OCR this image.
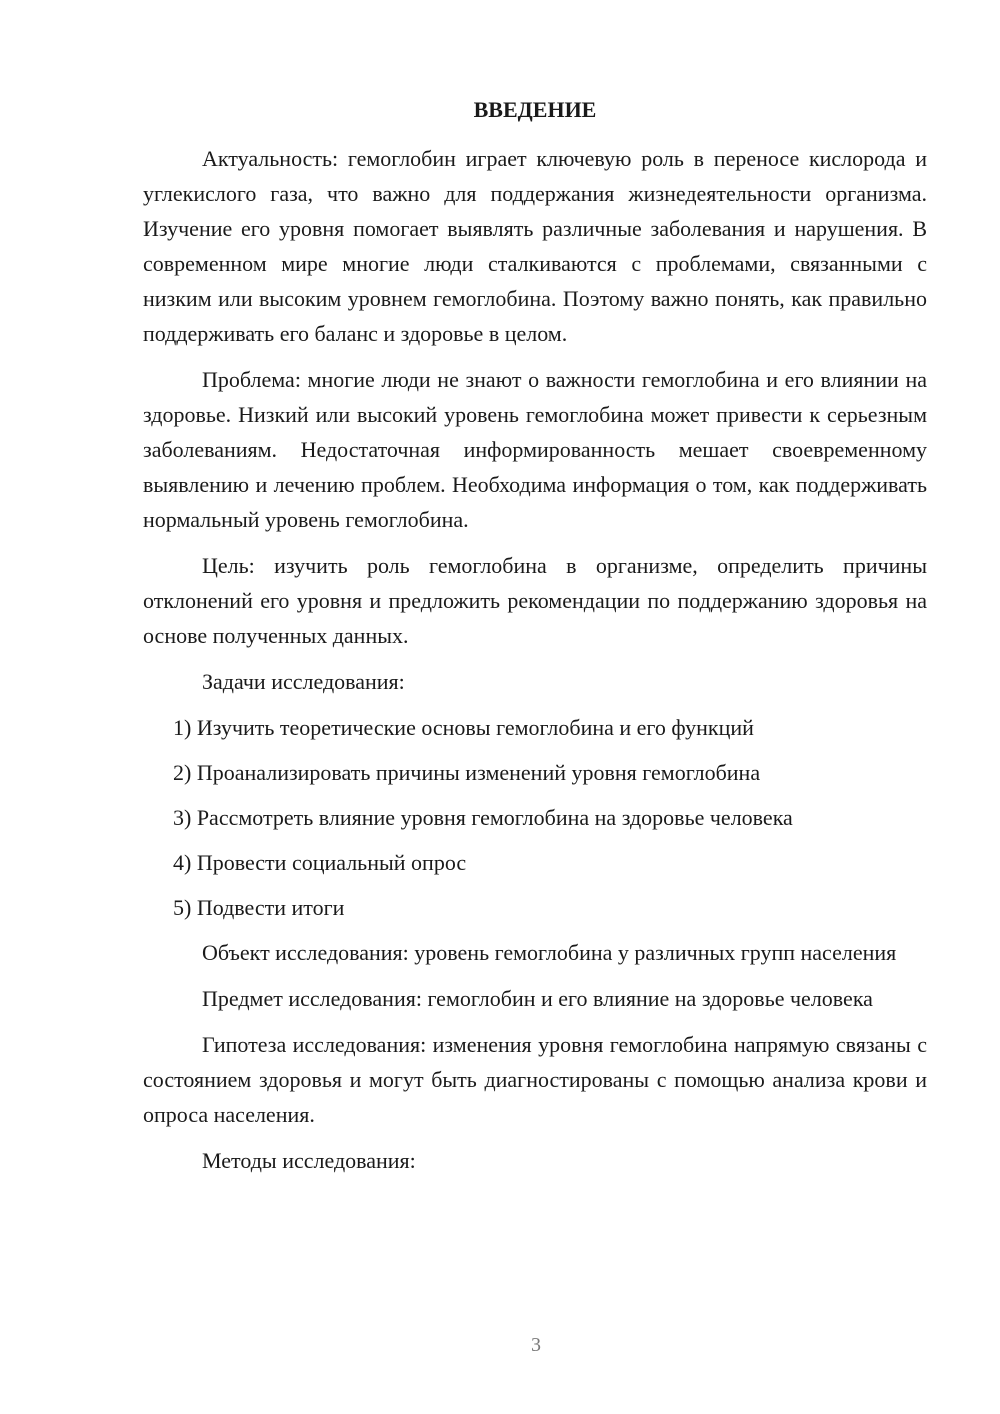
ВВЕДЕНИЕ

Актуальность: гемоглобин играет ключевую роль в переносе кислорода и углекислого газа, что важно для поддержания жизнедеятельности организма. Изучение его уровня помогает выявлять различные заболевания и нарушения. В современном мире многие люди сталкиваются с проблемами, связанными с низким или высоким уровнем гемоглобина. Поэтому важно понять, как правильно поддерживать его баланс и здоровье в целом.

Проблема: многие люди не знают о важности гемоглобина и его влиянии на здоровье. Низкий или высокий уровень гемоглобина может привести к серьезным заболеваниям. Недостаточная информированность мешает своевременному выявлению и лечению проблем. Необходима информация о том, как поддерживать нормальный уровень гемоглобина.

Цель: изучить роль гемоглобина в организме, определить причины отклонений его уровня и предложить рекомендации по поддержанию здоровья на основе полученных данных.

Задачи исследования:

1) Изучить теоретические основы гемоглобина и его функций
2) Проанализировать причины изменений уровня гемоглобина
3) Рассмотреть влияние уровня гемоглобина на здоровье человека
4) Провести социальный опрос
5) Подвести итоги

Объект исследования: уровень гемоглобина у различных групп населения

Предмет исследования: гемоглобин и его влияние на здоровье человека

Гипотеза исследования: изменения уровня гемоглобина напрямую связаны с состоянием здоровья и могут быть диагностированы с помощью анализа крови и опроса населения.

Методы исследования:

3
